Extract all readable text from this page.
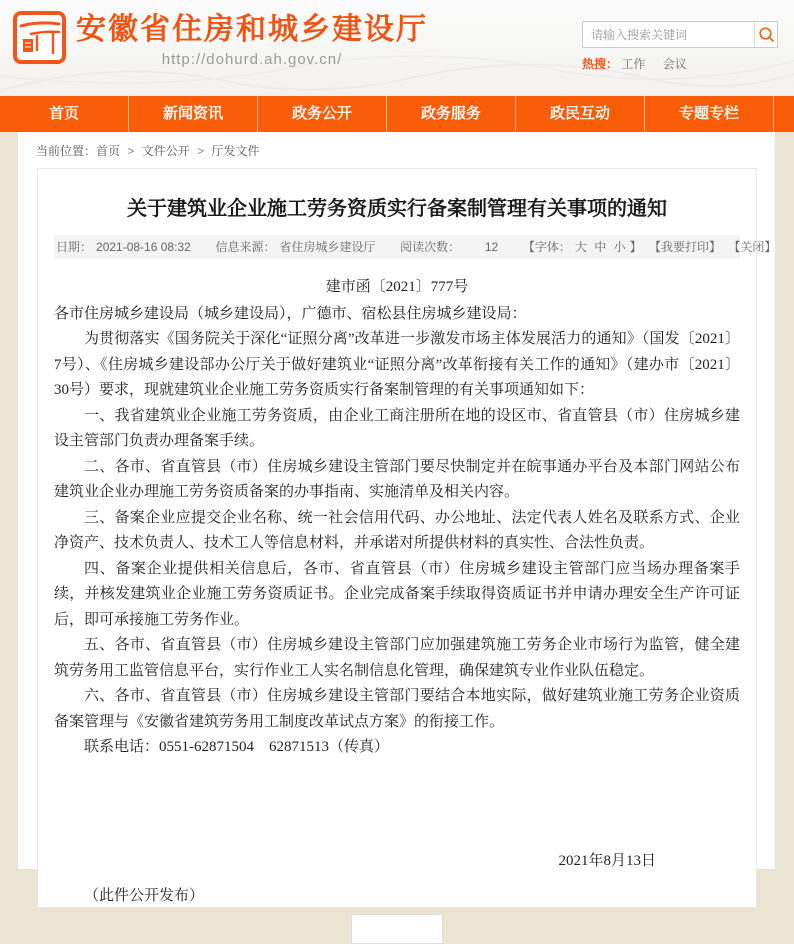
安徽省住房和城乡建设厅
http://dohurd.ah.gov.cn/
请输入搜索关键词	热搜： 工作 会议
首页	新闻资讯	政务公开	政务服务	政民互动	专题专栏
当前位置：首页 > 文件公开 > 厅发文件
关于建筑业企业施工劳务资质实行备案制管理有关事项的通知
日期： 2021-08-16 08:32 信息来源： 省住房城乡建设厅 阅读次数： 12 【字体： 大 中 小 】 【我要打印】 【关闭】
建市函〔2021〕777号
各市住房城乡建设局（城乡建设局），广德市、宿松县住房城乡建设局：

为贯彻落实《国务院关于深化“证照分离”改革进一步激发市场主体发展活力的通知》（国发〔2021〕7号）、《住房城乡建设部办公厅关于做好建筑业“证照分离”改革衔接有关工作的通知》（建办市〔2021〕30号）要求，现就建筑业企业施工劳务资质实行备案制管理的有关事项通知如下：

一、我省建筑业企业施工劳务资质，由企业工商注册所在地的设区市、省直管县（市）住房城乡建设主管部门负责办理备案手续。

二、各市、省直管县（市）住房城乡建设主管部门要尽快制定并在皖事通办平台及本部门网站公布建筑业企业办理施工劳务资质备案的办事指南、实施清单及相关内容。

三、备案企业应提交企业名称、统一社会信用代码、办公地址、法定代表人姓名及联系方式、企业净资产、技术负责人、技术工人等信息材料，并承诺对所提供材料的真实性、合法性负责。

四、备案企业提供相关信息后，各市、省直管县（市）住房城乡建设主管部门应当场办理备案手续，并核发建筑业企业施工劳务资质证书。企业完成备案手续取得资质证书并申请办理安全生产许可证后，即可承接施工劳务作业。

五、各市、省直管县（市）住房城乡建设主管部门应加强建筑施工劳务企业市场行为监管，健全建筑劳务用工监管信息平台，实行作业工人实名制信息化管理，确保建筑专业作业队伍稳定。

六、各市、省直管县（市）住房城乡建设主管部门要结合本地实际，做好建筑业施工劳务企业资质备案管理与《安徽省建筑劳务用工制度改革试点方案》的衔接工作。

联系电话：0551-62871504　62871513（传真）

2021年8月13日
（此件公开发布）
